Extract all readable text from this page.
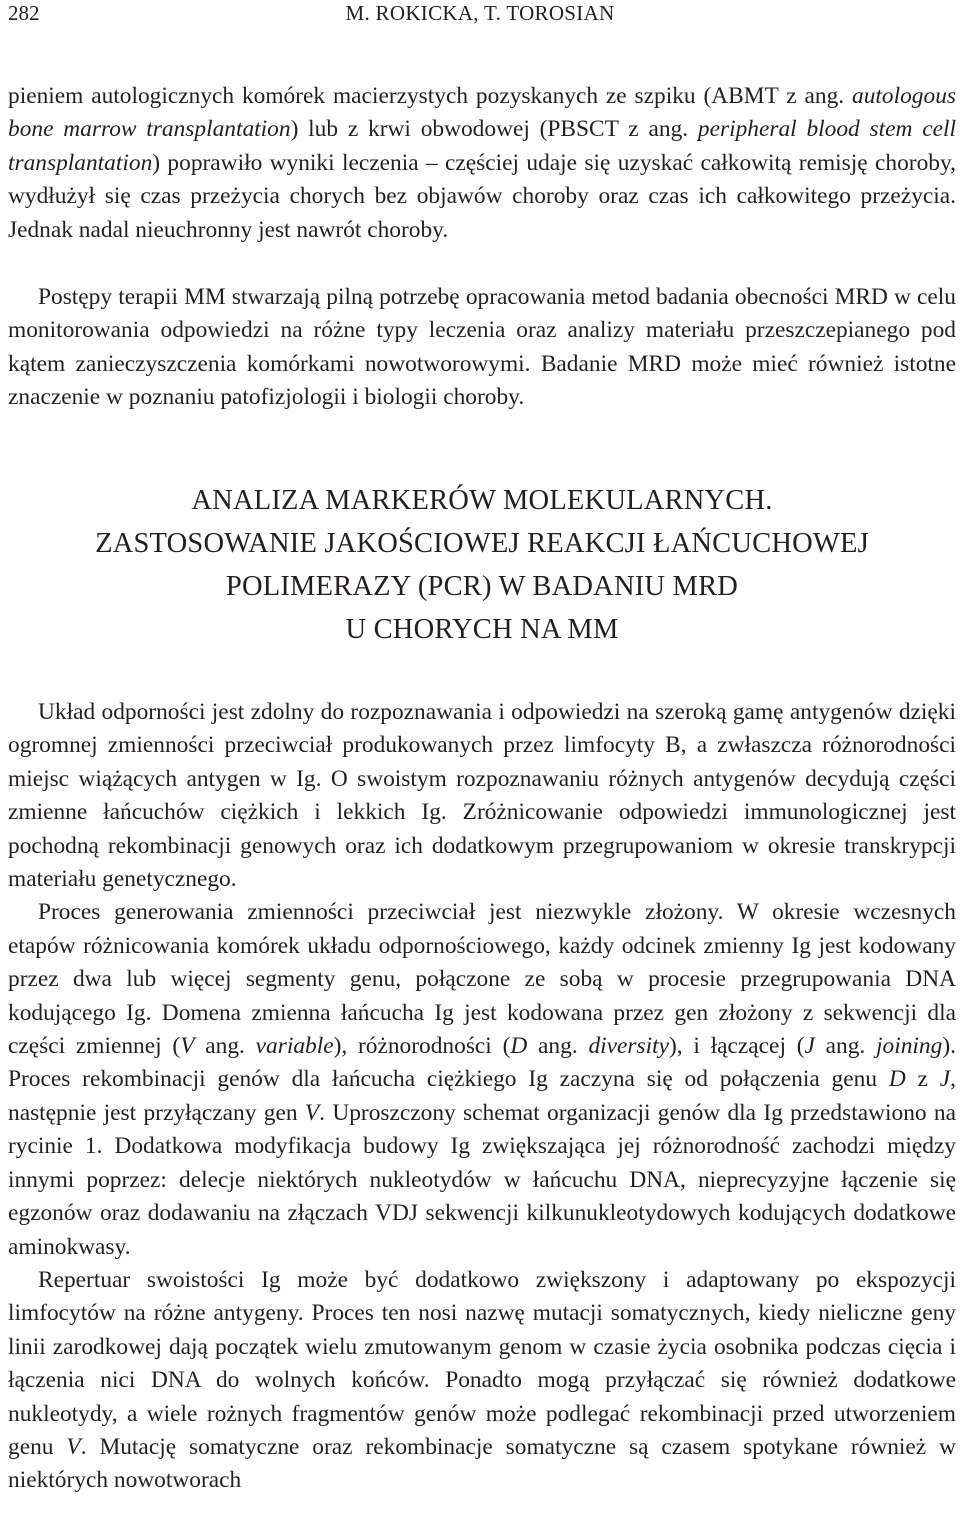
282	M. ROKICKA, T. TOROSIAN

pieniem autologicznych komórek macierzystych pozyskanych ze szpiku (ABMT z ang. autologous bone marrow transplantation) lub z krwi obwodowej (PBSCT z ang. peripheral blood stem cell transplantation) poprawiło wyniki leczenia – częściej udaje się uzyskać całkowitą remisję choroby, wydłużył się czas przeżycia chorych bez objawów choroby oraz czas ich całkowitego przeżycia. Jednak nadal nieuchronny jest nawrót choroby.

Postępy terapii MM stwarzają pilną potrzebę opracowania metod badania obecności MRD w celu monitorowania odpowiedzi na różne typy leczenia oraz analizy materiału przeszczepianego pod kątem zanieczyszczenia komórkami nowotworowymi. Badanie MRD może mieć również istotne znaczenie w poznaniu patofizjologii i biologii choroby.

ANALIZA MARKERÓW MOLEKULARNYCH.
ZASTOSOWANIE JAKOŚCIOWEJ REAKCJI ŁAŃCUCHOWEJ
POLIMERAZY (PCR) W BADANIU MRD
U CHORYCH NA MM

Układ odporności jest zdolny do rozpoznawania i odpowiedzi na szeroką gamę antygenów dzięki ogromnej zmienności przeciwciał produkowanych przez limfocyty B, a zwłaszcza różnorodności miejsc wiążących antygen w Ig. O swoistym rozpoznawaniu różnych antygenów decydują części zmienne łańcuchów ciężkich i lekkich Ig. Zróżnicowanie odpowiedzi immunologicznej jest pochodną rekombinacji genowych oraz ich dodatkowym przegrupowaniom w okresie transkrypcji materiału genetycznego.

Proces generowania zmienności przeciwciał jest niezwykle złożony. W okresie wczesnych etapów różnicowania komórek układu odpornościowego, każdy odcinek zmienny Ig jest kodowany przez dwa lub więcej segmenty genu, połączone ze sobą w procesie przegrupowania DNA kodującego Ig. Domena zmienna łańcucha Ig jest kodowana przez gen złożony z sekwencji dla części zmiennej (V ang. variable), różnorodności (D ang. diversity), i łączącej (J ang. joining). Proces rekombinacji genów dla łańcucha ciężkiego Ig zaczyna się od połączenia genu D z J, następnie jest przyłączany gen V. Uproszczony schemat organizacji genów dla Ig przedstawiono na rycinie 1. Dodatkowa modyfikacja budowy Ig zwiększająca jej różnorodność zachodzi między innymi poprzez: delecje niektórych nukleotydów w łańcuchu DNA, nieprecyzyjne łączenie się egzonów oraz dodawaniu na złączach VDJ sekwencji kilkunukleotydowych kodujących dodatkowe aminokwasy.

Repertuar swoistości Ig może być dodatkowo zwiększony i adaptowany po ekspozycji limfocytów na różne antygeny. Proces ten nosi nazwę mutacji somatycznych, kiedy nieliczne geny linii zarodkowej dają początek wielu zmutowanym genom w czasie życia osobnika podczas cięcia i łączenia nici DNA do wolnych końców. Ponadto mogą przyłączać się również dodatkowe nukleotydy, a wiele rożnych fragmentów genów może podlegać rekombinacji przed utworzeniem genu V. Mutację somatyczne oraz rekombinacje somatyczne są czasem spotykane również w niektórych nowotworach
